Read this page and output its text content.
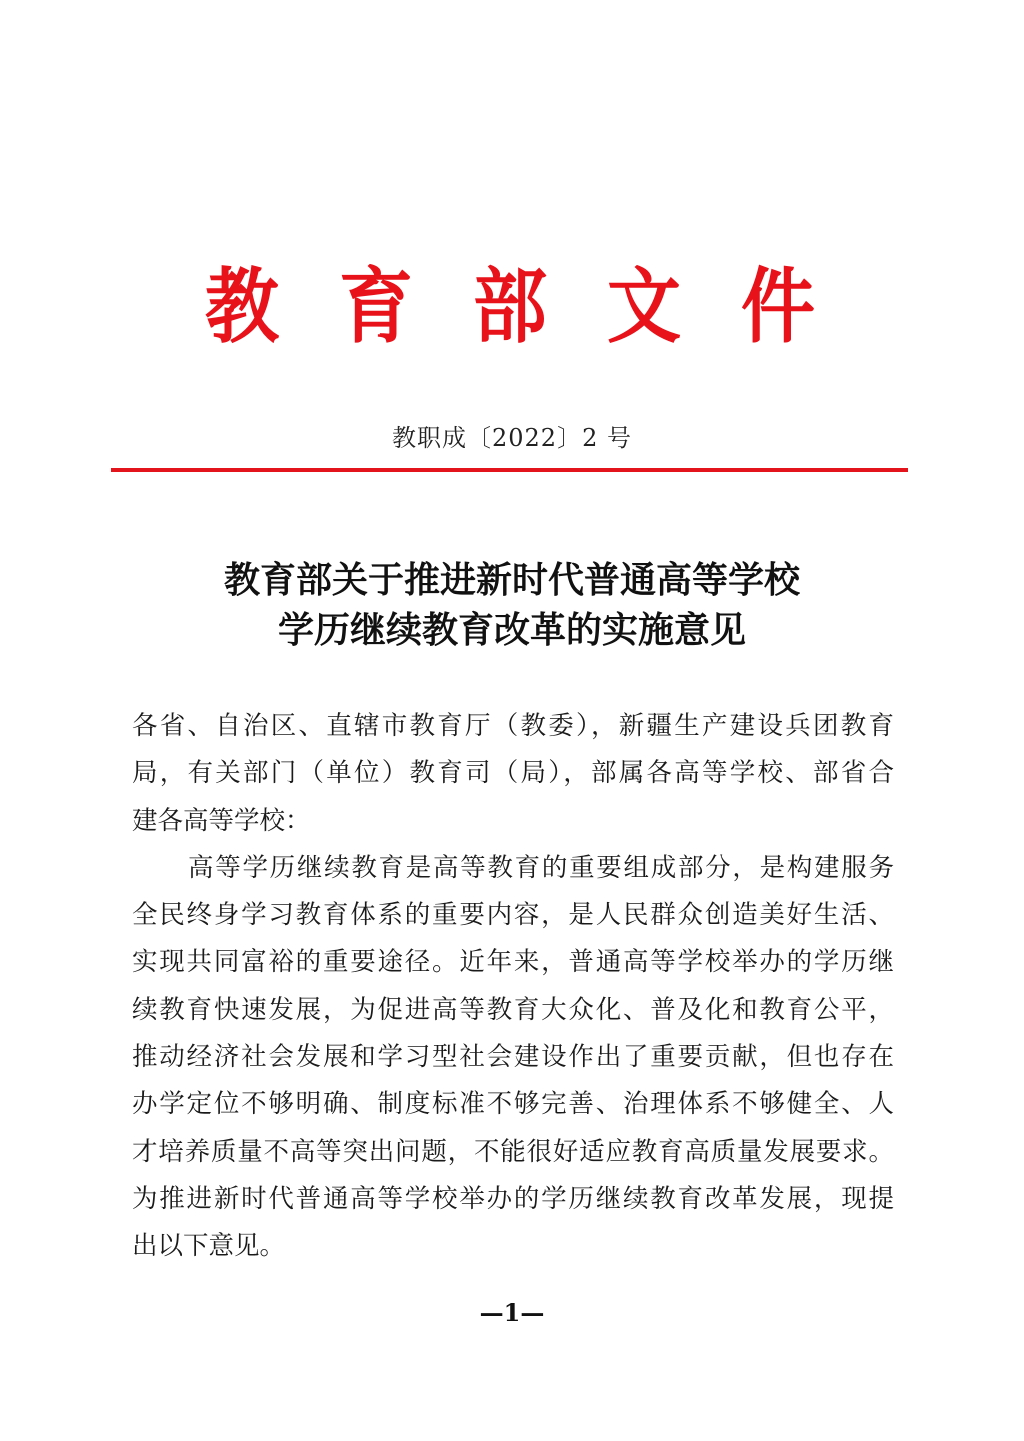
教 育 部 文 件
教职成〔2022〕2 号
教育部关于推进新时代普通高等学校
学历继续教育改革的实施意见
各省、自治区、直辖市教育厅（教委），新疆生产建设兵团教育
局，有关部门（单位）教育司（局），部属各高等学校、部省合
建各高等学校：
高等学历继续教育是高等教育的重要组成部分，是构建服务
全民终身学习教育体系的重要内容，是人民群众创造美好生活、
实现共同富裕的重要途径。近年来，普通高等学校举办的学历继
续教育快速发展，为促进高等教育大众化、普及化和教育公平，
推动经济社会发展和学习型社会建设作出了重要贡献，但也存在
办学定位不够明确、制度标准不够完善、治理体系不够健全、人
才培养质量不高等突出问题，不能很好适应教育高质量发展要求。
为推进新时代普通高等学校举办的学历继续教育改革发展，现提
出以下意见。
—1—
